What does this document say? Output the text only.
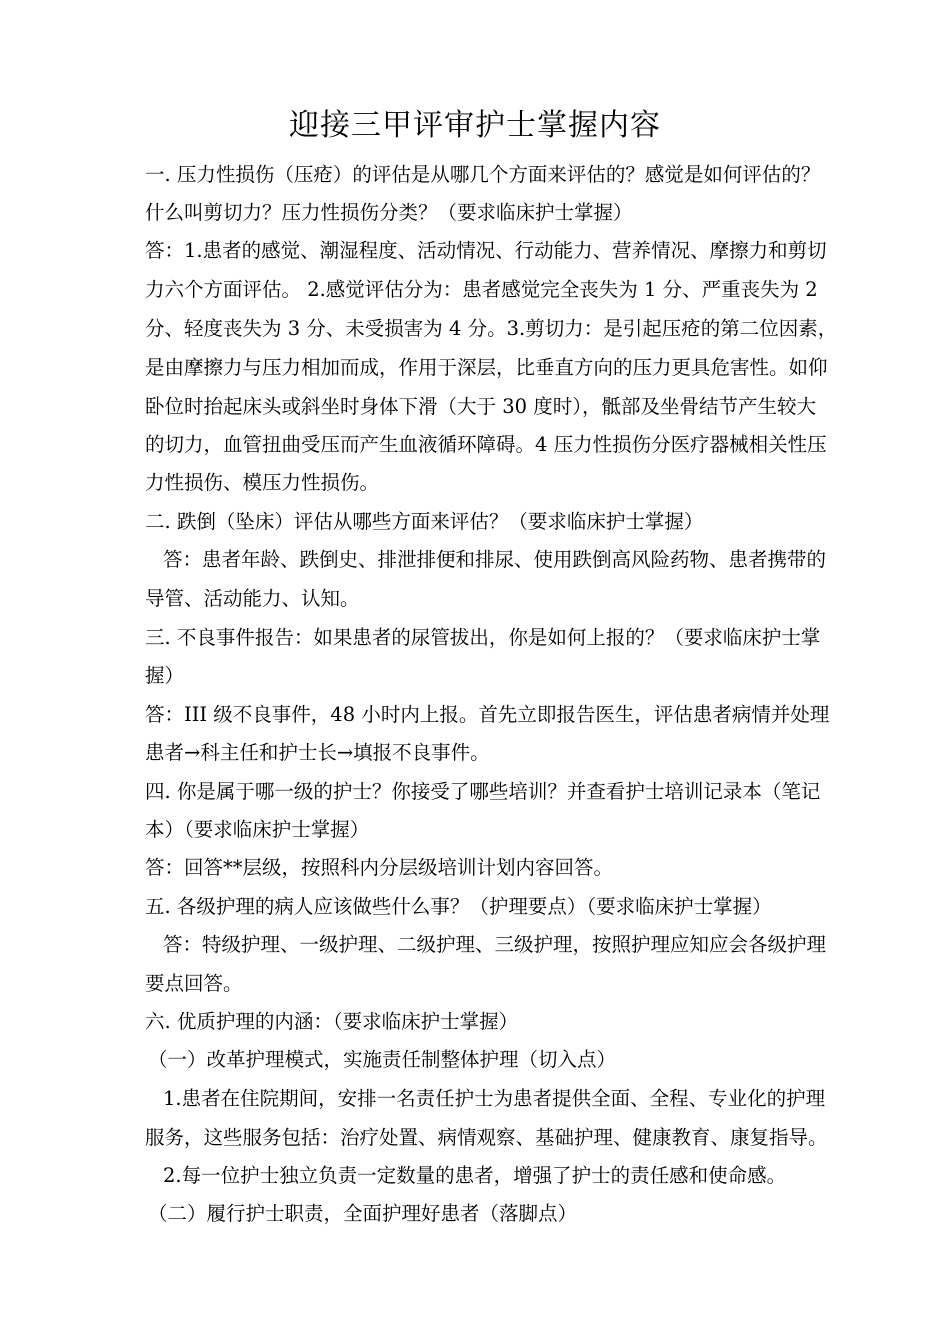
迎接三甲评审护士掌握内容

一. 压力性损伤（压疮）的评估是从哪几个方面来评估的？感觉是如何评估的？

什么叫剪切力？压力性损伤分类？（要求临床护士掌握）

答：1.患者的感觉、潮湿程度、活动情况、行动能力、营养情况、摩擦力和剪切

力六个方面评估。 2.感觉评估分为：患者感觉完全丧失为 1 分、严重丧失为 2

分、轻度丧失为 3 分、未受损害为 4 分。3.剪切力：是引起压疮的第二位因素，

是由摩擦力与压力相加而成，作用于深层，比垂直方向的压力更具危害性。如仰

卧位时抬起床头或斜坐时身体下滑（大于 30 度时），骶部及坐骨结节产生较大

的切力，血管扭曲受压而产生血液循环障碍。4 压力性损伤分医疗器械相关性压

力性损伤、模压力性损伤。

二. 跌倒（坠床）评估从哪些方面来评估？（要求临床护士掌握）

答：患者年龄、跌倒史、排泄排便和排尿、使用跌倒高风险药物、患者携带的

导管、活动能力、认知。

三. 不良事件报告：如果患者的尿管拔出，你是如何上报的？（要求临床护士掌

握）

答：III 级不良事件，48 小时内上报。首先立即报告医生，评估患者病情并处理

患者→科主任和护士长→填报不良事件。

四. 你是属于哪一级的护士？你接受了哪些培训？并查看护士培训记录本（笔记

本）（要求临床护士掌握）

答：回答**层级，按照科内分层级培训计划内容回答。

五. 各级护理的病人应该做些什么事？（护理要点）（要求临床护士掌握）

答：特级护理、一级护理、二级护理、三级护理，按照护理应知应会各级护理

要点回答。

六. 优质护理的内涵：（要求临床护士掌握）

（一）改革护理模式，实施责任制整体护理（切入点）

1.患者在住院期间，安排一名责任护士为患者提供全面、全程、专业化的护理

服务，这些服务包括：治疗处置、病情观察、基础护理、健康教育、康复指导。

2.每一位护士独立负责一定数量的患者，增强了护士的责任感和使命感。

（二）履行护士职责，全面护理好患者（落脚点）
